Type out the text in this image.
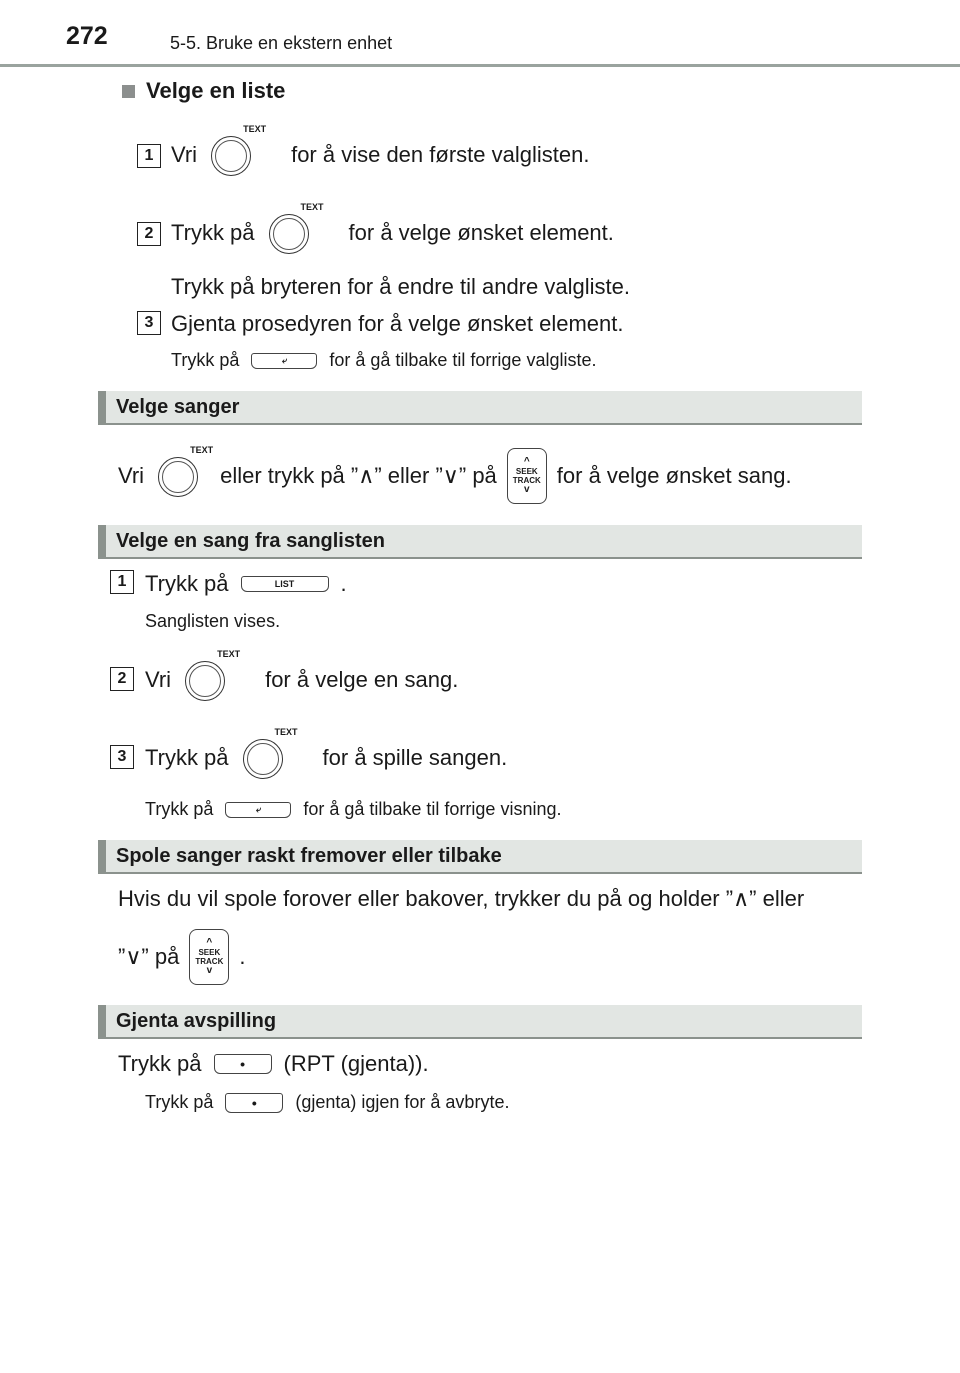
272	5-5. Bruke en ekstern enhet
Velge en liste
1 Vri
TEXT
for å vise den første valglisten.
2 Trykk på
TEXT
for å velge ønsket element.
Trykk på bryteren for å endre til andre valgliste.
3 Gjenta prosedyren for å velge ønsket element.
Trykk på	⤶	for å gå tilbake til forrige valgliste.
Velge sanger
Vri
TEXT
eller trykk på ”∧” eller ”∨” på
^
SEEK
TRACK
v
for å velge ønsket sang.
Velge en sang fra sanglisten
1 Trykk på	LIST	.
Sanglisten vises.
2 Vri
TEXT
for å velge en sang.
3 Trykk på
TEXT
for å spille sangen.
Trykk på	⤶	for å gå tilbake til forrige visning.
Spole sanger raskt fremover eller tilbake
Hvis du vil spole forover eller bakover, trykker du på og holder ”∧” eller
”∨” på
^
SEEK
TRACK
v
.
Gjenta avspilling
Trykk på	•	(RPT (gjenta)).
Trykk på	•	(gjenta) igjen for å avbryte.
